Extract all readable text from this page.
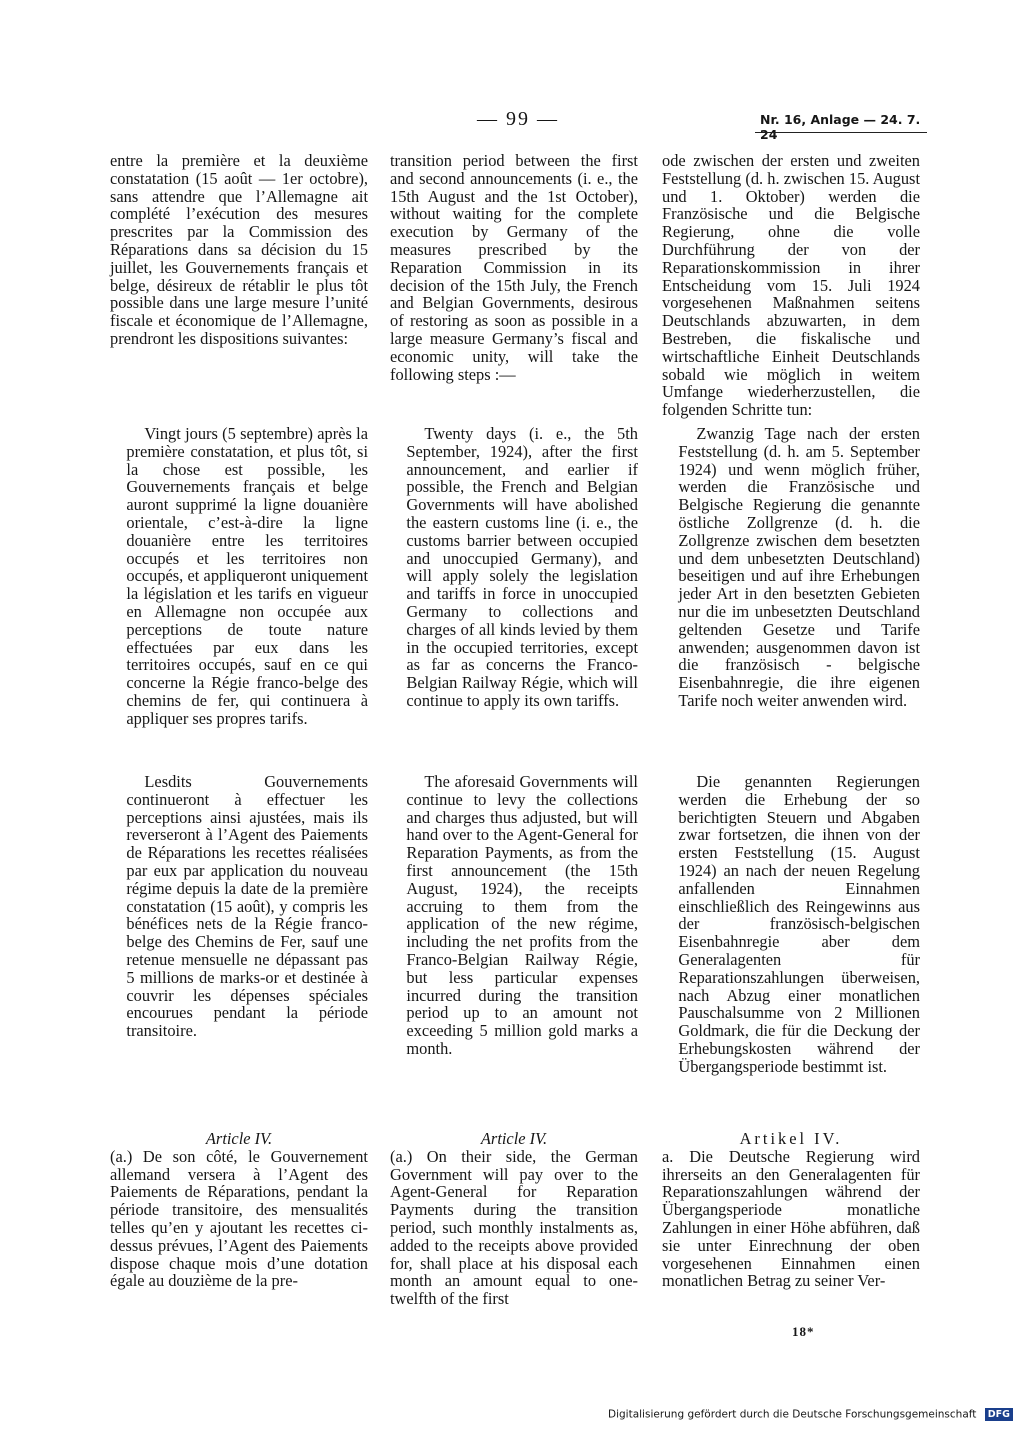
— 99 —	Nr. 16, Anlage — 24. 7. 24

entre la première et la deuxième constatation (15 août — 1er octobre), sans attendre que l’Allemagne ait complété l’exécution des mesures prescrites par la Commission des Réparations dans sa décision du 15 juillet, les Gouvernements français et belge, désireux de rétablir le plus tôt possible dans une large mesure l’unité fiscale et économique de l’Allemagne, prendront les dispositions suivantes:

Vingt jours (5 septembre) après la première constatation, et plus tôt, si la chose est possible, les Gouvernements français et belge auront supprimé la ligne douanière orientale, c’est-à-dire la ligne douanière entre les territoires occupés et les territoires non occupés, et appliqueront uniquement la législation et les tarifs en vigueur en Allemagne non occupée aux perceptions de toute nature effectuées par eux dans les territoires occupés, sauf en ce qui concerne la Régie franco-belge des chemins de fer, qui continuera à appliquer ses propres tarifs.

Lesdits Gouvernements continueront à effectuer les perceptions ainsi ajustées, mais ils reverseront à l’Agent des Paiements de Réparations les recettes réalisées par eux par application du nouveau régime depuis la date de la première constatation (15 août), y compris les bénéfices nets de la Régie franco-belge des Chemins de Fer, sauf une retenue mensuelle ne dépassant pas 5 millions de marks-or et destinée à couvrir les dépenses spéciales encourues pendant la période transitoire.

Article IV.

(a.) De son côté, le Gouvernement allemand versera à l’Agent des Paiements de Réparations, pendant la période transitoire, des mensualités telles qu’en y ajoutant les recettes ci-dessus prévues, l’Agent des Paiements dispose chaque mois d’une dotation égale au douzième de la pre-

transition period between the first and second announcements (i. e., the 15th August and the 1st October), without waiting for the complete execution by Germany of the measures prescribed by the Reparation Commission in its decision of the 15th July, the French and Belgian Governments, desirous of restoring as soon as possible in a large measure Germany’s fiscal and economic unity, will take the following steps :—

Twenty days (i. e., the 5th September, 1924), after the first announcement, and earlier if possible, the French and Belgian Governments will have abolished the eastern customs line (i. e., the customs barrier between occupied and unoccupied Germany), and will apply solely the legislation and tariffs in force in unoccupied Germany to collections and charges of all kinds levied by them in the occupied territories, except as far as concerns the Franco-Belgian Railway Régie, which will continue to apply its own tariffs.

The aforesaid Governments will continue to levy the collections and charges thus adjusted, but will hand over to the Agent-General for Reparation Payments, as from the first announcement (the 15th August, 1924), the receipts accruing to them from the application of the new régime, including the net profits from the Franco-Belgian Railway Régie, but less particular expenses incurred during the transition period up to an amount not exceeding 5 million gold marks a month.

Article IV.

(a.) On their side, the German Government will pay over to the Agent-General for Reparation Payments during the transition period, such monthly instalments as, added to the receipts above provided for, shall place at his disposal each month an amount equal to one-twelfth of the first

ode zwischen der ersten und zweiten Feststellung (d. h. zwischen 15. August und 1. Oktober) werden die Französische und die Belgische Regierung, ohne die volle Durchführung der von der Reparationskommission in ihrer Entscheidung vom 15. Juli 1924 vorgesehenen Maßnahmen seitens Deutschlands abzuwarten, in dem Bestreben, die fiskalische und wirtschaftliche Einheit Deutschlands sobald wie möglich in weitem Umfange wiederherzustellen, die folgenden Schritte tun:

Zwanzig Tage nach der ersten Feststellung (d. h. am 5. September 1924) und wenn möglich früher, werden die Französische und Belgische Regierung die genannte östliche Zollgrenze (d. h. die Zollgrenze zwischen dem besetzten und dem unbesetzten Deutschland) beseitigen und auf ihre Erhebungen jeder Art in den besetzten Gebieten nur die im unbesetzten Deutschland geltenden Gesetze und Tarife anwenden; ausgenommen davon ist die französisch - belgische Eisenbahnregie, die ihre eigenen Tarife noch weiter anwenden wird.

Die genannten Regierungen werden die Erhebung der so berichtigten Steuern und Abgaben zwar fortsetzen, die ihnen von der ersten Feststellung (15. August 1924) an nach der neuen Regelung anfallenden Einnahmen einschließlich des Reingewinns aus der französisch-belgischen Eisenbahnregie aber dem Generalagenten für Reparationszahlungen überweisen, nach Abzug einer monatlichen Pauschalsumme von 2 Millionen Goldmark, die für die Deckung der Erhebungskosten während der Übergangsperiode bestimmt ist.

Artikel IV.

a. Die Deutsche Regierung wird ihrerseits an den Generalagenten für Reparationszahlungen während der Übergangsperiode monatliche Zahlungen in einer Höhe abführen, daß sie unter Einrechnung der oben vorgesehenen Einnahmen einen monatlichen Betrag zu seiner Ver-

18*
Digitalisierung gefördert durch die Deutsche Forschungsgemeinschaft DFG
